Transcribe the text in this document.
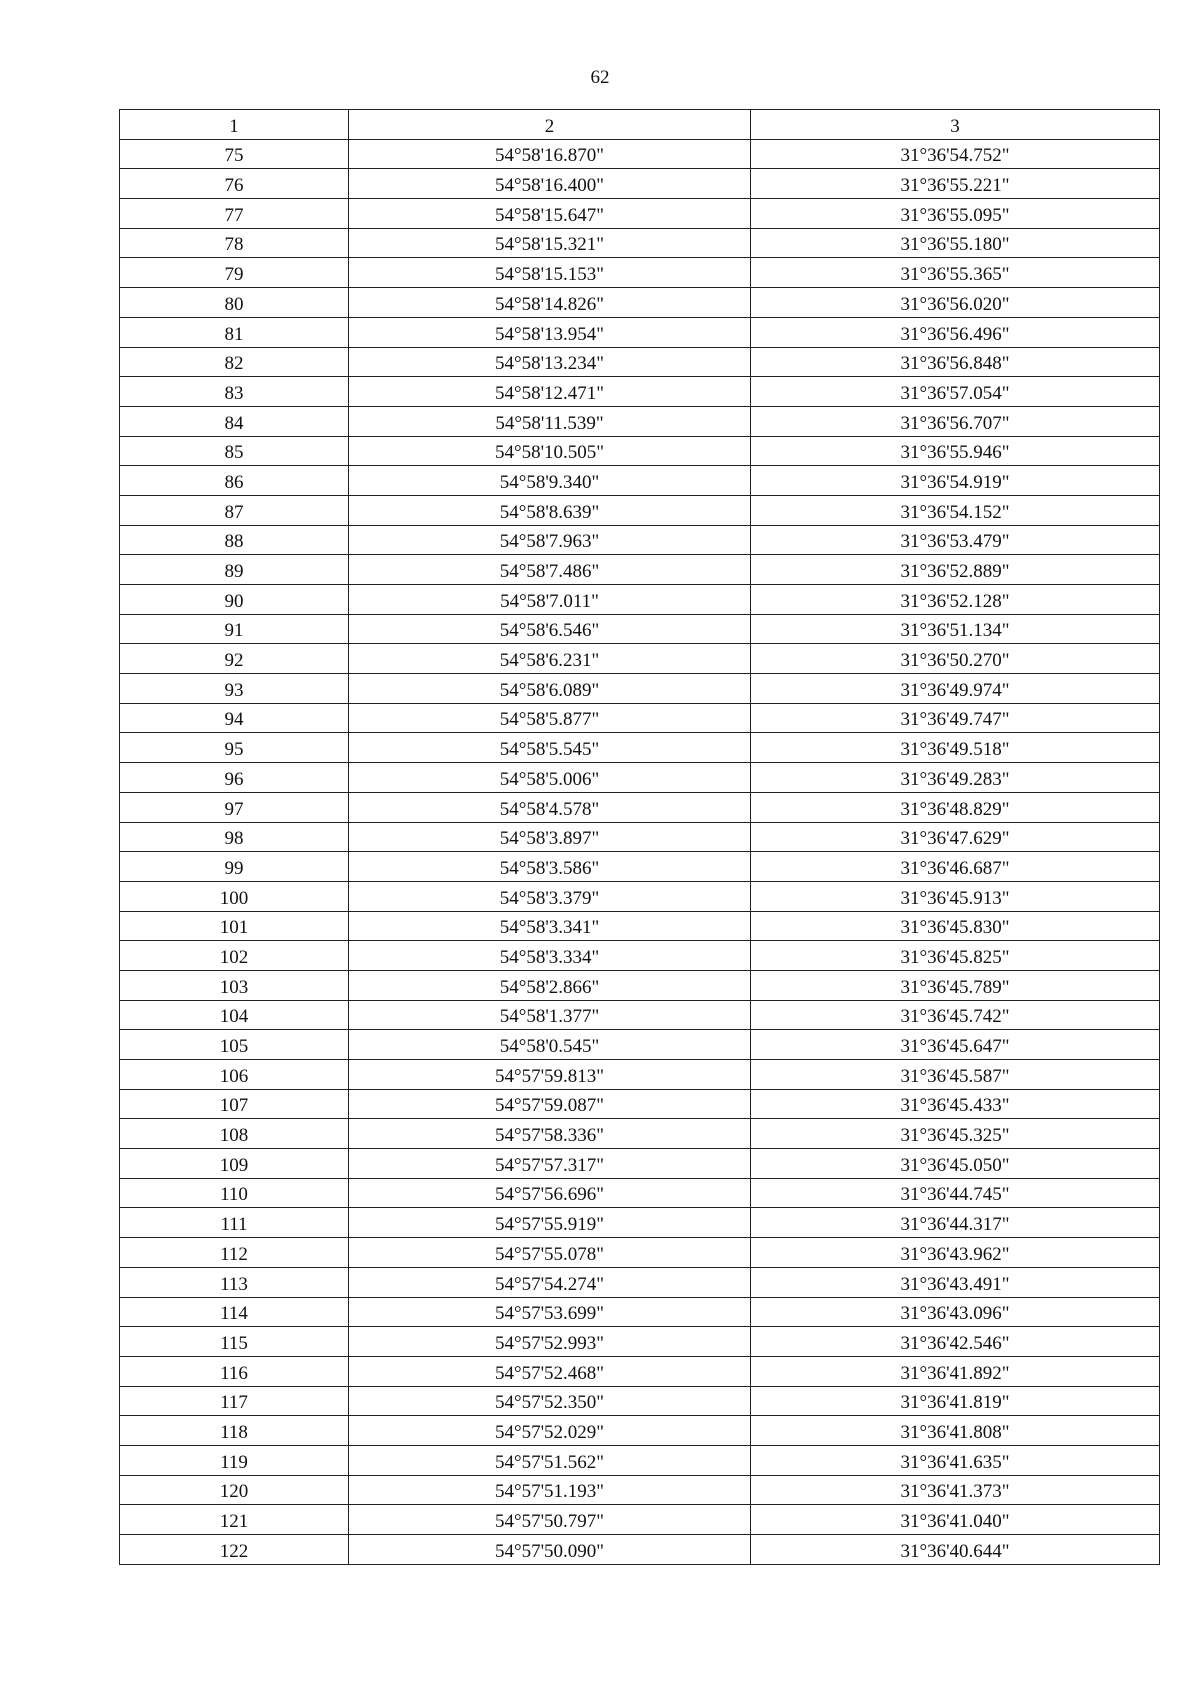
62
1	2	3
75	54°58'16.870"	31°36'54.752"
76	54°58'16.400"	31°36'55.221"
77	54°58'15.647"	31°36'55.095"
78	54°58'15.321"	31°36'55.180"
79	54°58'15.153"	31°36'55.365"
80	54°58'14.826"	31°36'56.020"
81	54°58'13.954"	31°36'56.496"
82	54°58'13.234"	31°36'56.848"
83	54°58'12.471"	31°36'57.054"
84	54°58'11.539"	31°36'56.707"
85	54°58'10.505"	31°36'55.946"
86	54°58'9.340"	31°36'54.919"
87	54°58'8.639"	31°36'54.152"
88	54°58'7.963"	31°36'53.479"
89	54°58'7.486"	31°36'52.889"
90	54°58'7.011"	31°36'52.128"
91	54°58'6.546"	31°36'51.134"
92	54°58'6.231"	31°36'50.270"
93	54°58'6.089"	31°36'49.974"
94	54°58'5.877"	31°36'49.747"
95	54°58'5.545"	31°36'49.518"
96	54°58'5.006"	31°36'49.283"
97	54°58'4.578"	31°36'48.829"
98	54°58'3.897"	31°36'47.629"
99	54°58'3.586"	31°36'46.687"
100	54°58'3.379"	31°36'45.913"
101	54°58'3.341"	31°36'45.830"
102	54°58'3.334"	31°36'45.825"
103	54°58'2.866"	31°36'45.789"
104	54°58'1.377"	31°36'45.742"
105	54°58'0.545"	31°36'45.647"
106	54°57'59.813"	31°36'45.587"
107	54°57'59.087"	31°36'45.433"
108	54°57'58.336"	31°36'45.325"
109	54°57'57.317"	31°36'45.050"
110	54°57'56.696"	31°36'44.745"
111	54°57'55.919"	31°36'44.317"
112	54°57'55.078"	31°36'43.962"
113	54°57'54.274"	31°36'43.491"
114	54°57'53.699"	31°36'43.096"
115	54°57'52.993"	31°36'42.546"
116	54°57'52.468"	31°36'41.892"
117	54°57'52.350"	31°36'41.819"
118	54°57'52.029"	31°36'41.808"
119	54°57'51.562"	31°36'41.635"
120	54°57'51.193"	31°36'41.373"
121	54°57'50.797"	31°36'41.040"
122	54°57'50.090"	31°36'40.644"
